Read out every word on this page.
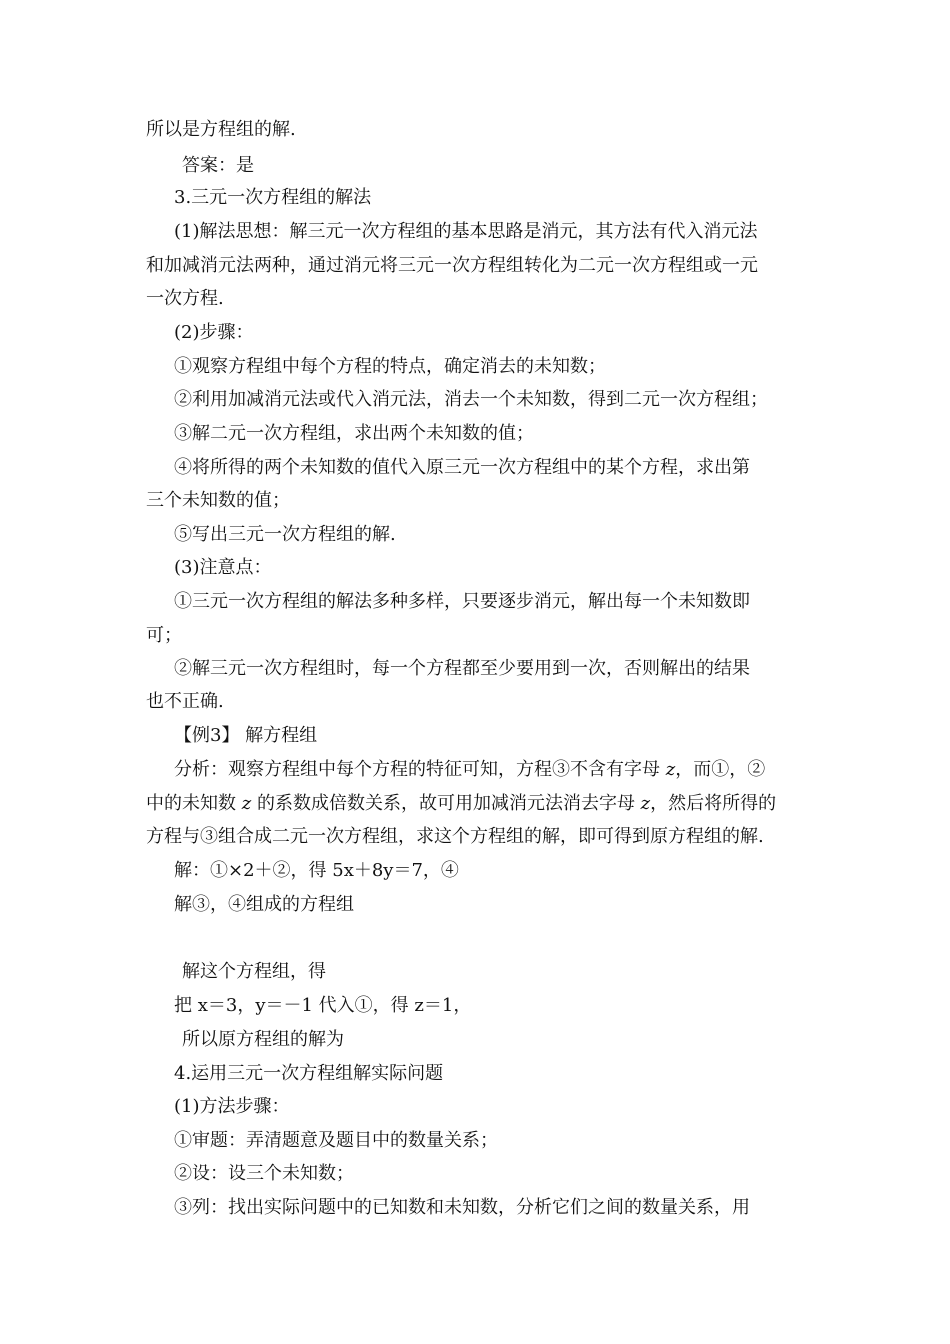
所以是方程组的解.
答案：是
3.三元一次方程组的解法
(1)解法思想：解三元一次方程组的基本思路是消元，其方法有代入消元法
和加减消元法两种，通过消元将三元一次方程组转化为二元一次方程组或一元
一次方程.
(2)步骤：
①观察方程组中每个方程的特点，确定消去的未知数；
②利用加减消元法或代入消元法，消去一个未知数，得到二元一次方程组；
③解二元一次方程组，求出两个未知数的值；
④将所得的两个未知数的值代入原三元一次方程组中的某个方程，求出第
三个未知数的值；
⑤写出三元一次方程组的解.
(3)注意点：
①三元一次方程组的解法多种多样，只要逐步消元，解出每一个未知数即
可；
②解三元一次方程组时，每一个方程都至少要用到一次，否则解出的结果
也不正确.
【例3】 解方程组
分析：观察方程组中每个方程的特征可知，方程③不含有字母 z，而①，②
中的未知数 z 的系数成倍数关系，故可用加减消元法消去字母 z，然后将所得的
方程与③组合成二元一次方程组，求这个方程组的解，即可得到原方程组的解.
解：①×2＋②，得 5x＋8y＝7，④
解③，④组成的方程组
解这个方程组，得
把 x＝3，y＝－1 代入①，得 z＝1，
所以原方程组的解为
4.运用三元一次方程组解实际问题
(1)方法步骤：
①审题：弄清题意及题目中的数量关系；
②设：设三个未知数；
③列：找出实际问题中的已知数和未知数，分析它们之间的数量关系，用
